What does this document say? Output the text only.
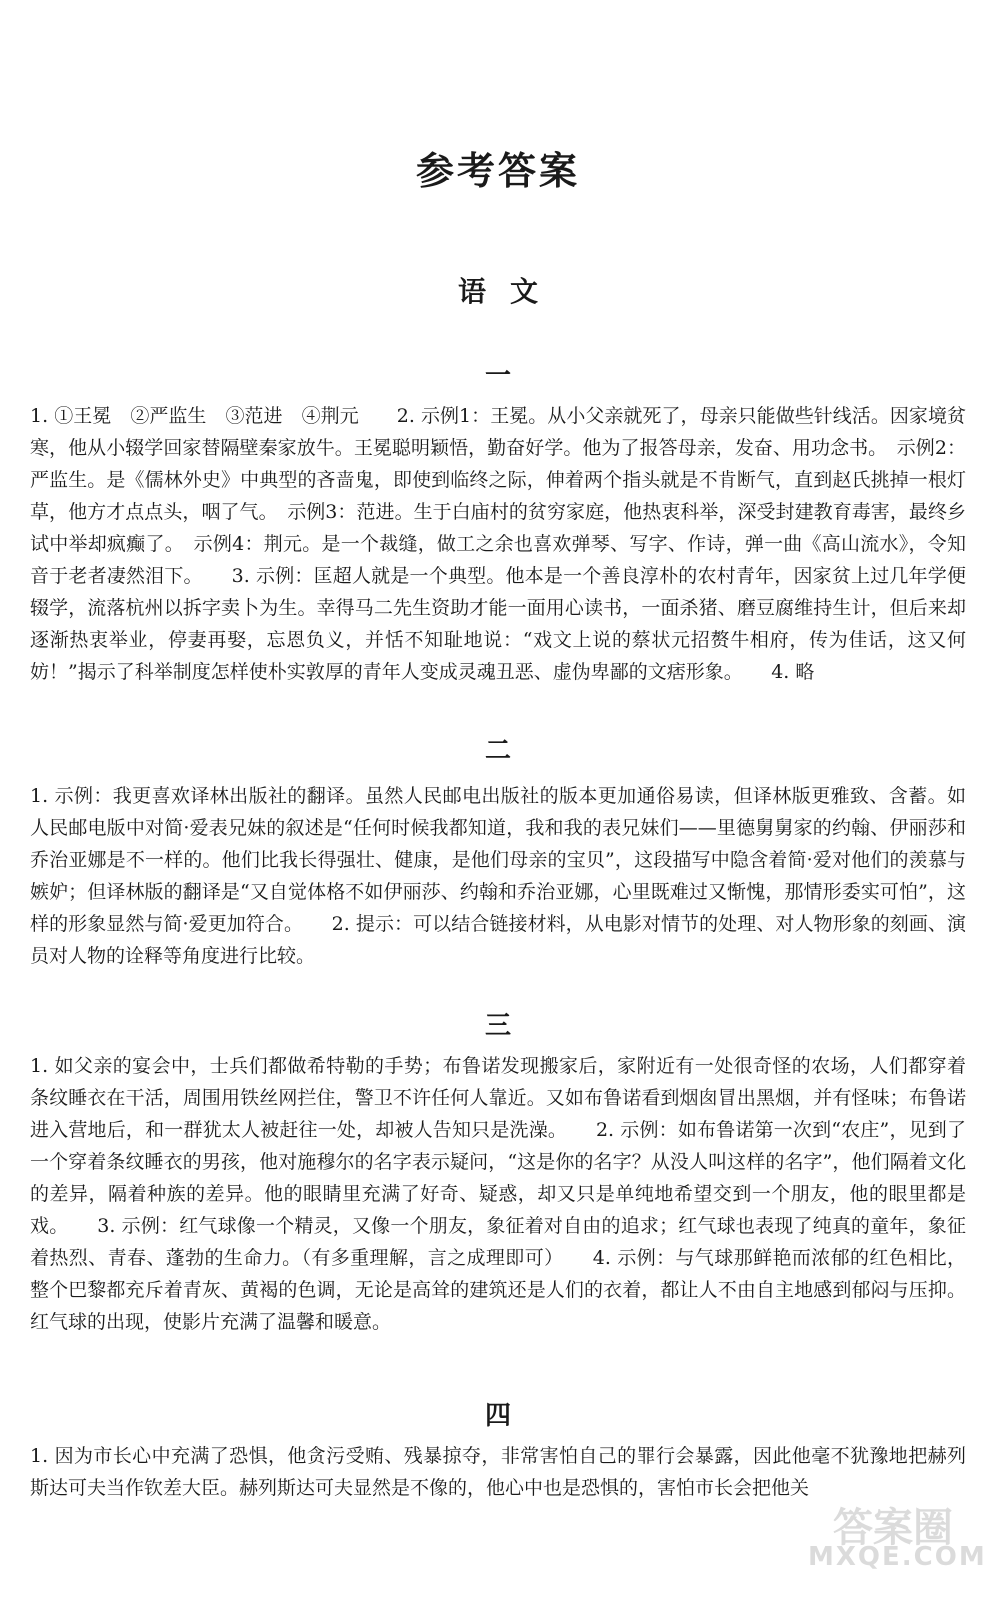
参考答案
语文
一

1. ①王冕　②严监生　③范进　④荆元　　2. 示例1：王冕。从小父亲就死了，母亲只能做些针线活。因家境贫寒，他从小辍学回家替隔壁秦家放牛。王冕聪明颖悟，勤奋好学。他为了报答母亲，发奋、用功念书。　示例2：严监生。是《儒林外史》中典型的吝啬鬼，即使到临终之际，伸着两个指头就是不肯断气，直到赵氏挑掉一根灯草，他方才点点头，咽了气。　示例3：范进。生于白庙村的贫穷家庭，他热衷科举，深受封建教育毒害，最终乡试中举却疯癫了。　示例4：荆元。是一个裁缝，做工之余也喜欢弹琴、写字、作诗，弹一曲《高山流水》，令知音于老者凄然泪下。　　3. 示例：匡超人就是一个典型。他本是一个善良淳朴的农村青年，因家贫上过几年学便辍学，流落杭州以拆字卖卜为生。幸得马二先生资助才能一面用心读书，一面杀猪、磨豆腐维持生计，但后来却逐渐热衷举业，停妻再娶，忘恩负义，并恬不知耻地说：“戏文上说的蔡状元招赘牛相府，传为佳话，这又何妨！”揭示了科举制度怎样使朴实敦厚的青年人变成灵魂丑恶、虚伪卑鄙的文痞形象。　　4. 略

二

1. 示例：我更喜欢译林出版社的翻译。虽然人民邮电出版社的版本更加通俗易读，但译林版更雅致、含蓄。如人民邮电版中对简·爱表兄妹的叙述是“任何时候我都知道，我和我的表兄妹们——里德舅舅家的约翰、伊丽莎和乔治亚娜是不一样的。他们比我长得强壮、健康，是他们母亲的宝贝”，这段描写中隐含着简·爱对他们的羡慕与嫉妒；但译林版的翻译是“又自觉体格不如伊丽莎、约翰和乔治亚娜，心里既难过又惭愧，那情形委实可怕”，这样的形象显然与简·爱更加符合。　　2. 提示：可以结合链接材料，从电影对情节的处理、对人物形象的刻画、演员对人物的诠释等角度进行比较。

三

1. 如父亲的宴会中，士兵们都做希特勒的手势；布鲁诺发现搬家后，家附近有一处很奇怪的农场，人们都穿着条纹睡衣在干活，周围用铁丝网拦住，警卫不许任何人靠近。又如布鲁诺看到烟囱冒出黑烟，并有怪味；布鲁诺进入营地后，和一群犹太人被赶往一处，却被人告知只是洗澡。　　2. 示例：如布鲁诺第一次到“农庄”，见到了一个穿着条纹睡衣的男孩，他对施穆尔的名字表示疑问，“这是你的名字？从没人叫这样的名字”，他们隔着文化的差异，隔着种族的差异。他的眼睛里充满了好奇、疑惑，却又只是单纯地希望交到一个朋友，他的眼里都是戏。　　3. 示例：红气球像一个精灵，又像一个朋友，象征着对自由的追求；红气球也表现了纯真的童年，象征着热烈、青春、蓬勃的生命力。（有多重理解，言之成理即可）　　4. 示例：与气球那鲜艳而浓郁的红色相比，整个巴黎都充斥着青灰、黄褐的色调，无论是高耸的建筑还是人们的衣着，都让人不由自主地感到郁闷与压抑。红气球的出现，使影片充满了温馨和暖意。

四

1. 因为市长心中充满了恐惧，他贪污受贿、残暴掠夺，非常害怕自己的罪行会暴露，因此他毫不犹豫地把赫列斯达可夫当作钦差大臣。赫列斯达可夫显然是不像的，他心中也是恐惧的，害怕市长会把他关

答案圈
MXQE.COM
